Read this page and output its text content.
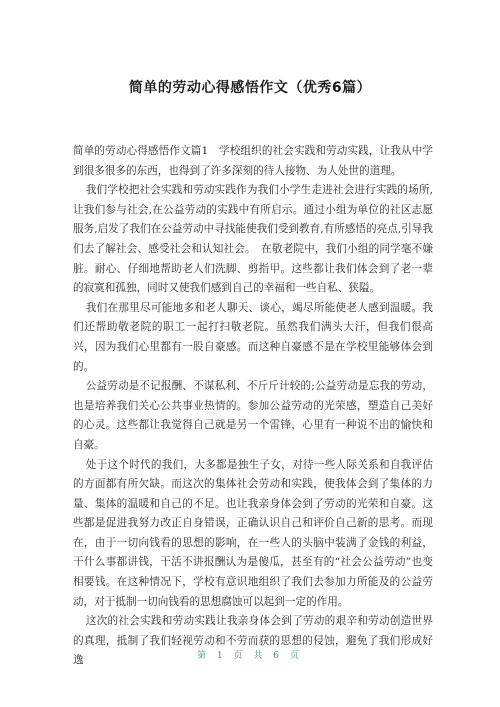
简单的劳动心得感悟作文（优秀6篇）

简单的劳动心得感悟作文篇1　学校组织的社会实践和劳动实践，让我从中学到很多很多的东西，也得到了许多深刻的待人接物、为人处世的道理。

我们学校把社会实践和劳动实践作为我们小学生走进社会进行实践的场所,让我们参与社会,在公益劳动的实践中有所启示。通过小组为单位的社区志愿服务,启发了我们在公益劳动中寻找能使我们受到教育,有所感悟的亮点,引导我们去了解社会、感受社会和认知社会。　在敬老院中，我们小组的同学毫不嫌脏。耐心、仔细地帮助老人们洗脚、剪指甲。这些都让我们体会到了老一辈的寂寞和孤独，同时又使我们感到自己的幸福和一些自私、狭隘。

我们在那里尽可能地多和老人聊天、谈心，竭尽所能使老人感到温暖。我们还帮助敬老院的职工一起打扫敬老院。虽然我们满头大汗，但我们很高兴，因为我们心里都有一股自豪感。而这种自豪感不是在学校里能够体会到的。

公益劳动是不记报酬、不谋私利、不斤斤计较的;公益劳动是忘我的劳动，也是培养我们关心公共事业热情的。参加公益劳动的光荣感，塑造自己美好的心灵。这些都让我觉得自己就是另一个雷锋，心里有一种说不出的愉快和自豪。

处于这个时代的我们，大多都是独生子女，对待一些人际关系和自我评估的方面都有所欠缺。而这次的集体社会劳动和实践，使我体会到了集体的力量、集体的温暖和自己的不足。也让我亲身体会到了劳动的光荣和自豪。这些都是促进我努力改正自身错误，正确认识自己和评价自己新的思考。而现在，由于一切向钱看的思想的影响，在一些人的头脑中装满了金钱的利益，干什么事都讲钱，干活不讲报酬认为是傻瓜，甚至有的“社会公益劳动”也变相要钱。在这种情况下，学校有意识地组织了我们去参加力所能及的公益劳动，对于抵制一切向钱看的思想腐蚀可以起到一定的作用。

这次的社会实践和劳动实践让我亲身体会到了劳动的艰辛和劳动创造世界的真理，抵制了我们轻视劳动和不劳而获的思想的侵蚀，避免了我们形成好逸	第 1 页 共 6 页
